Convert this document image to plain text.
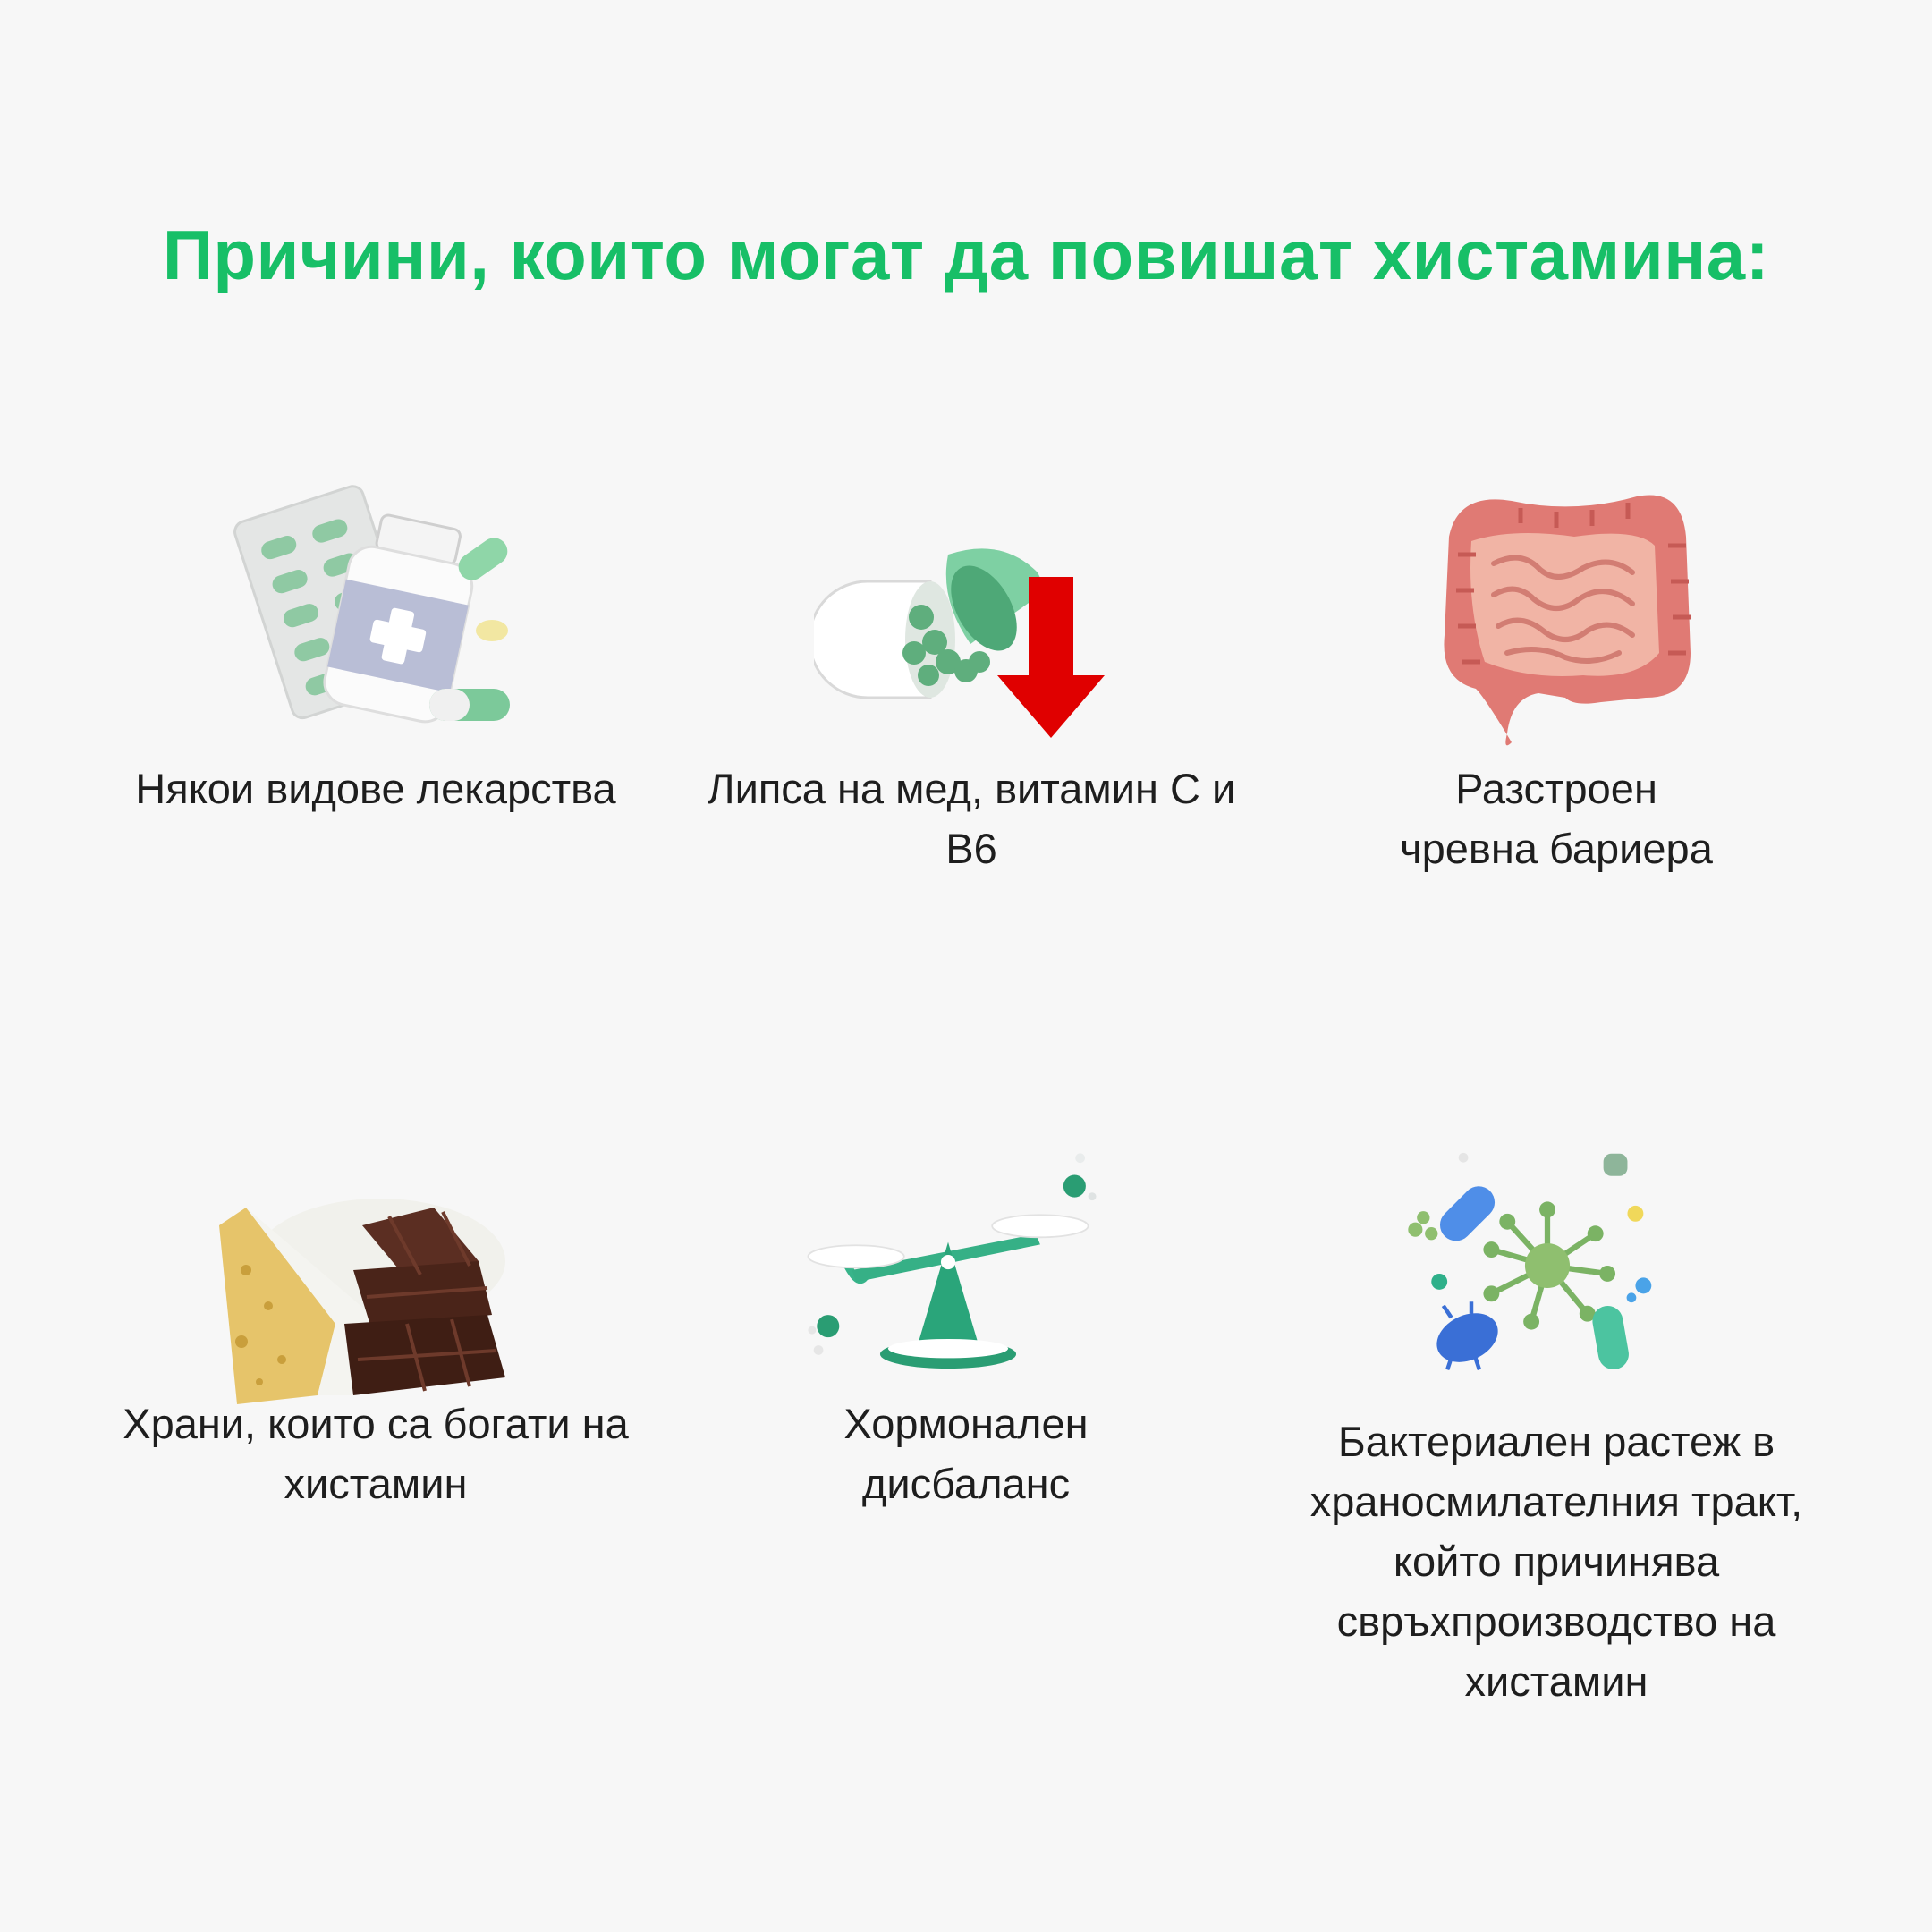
Причини, които могат да повишат хистамина:
Някои видове лекарства	Липса на мед, витамин C и
B6
Разстроен
чревна бариера
Храни, които са богати на
хистамин
Хормонален
дисбаланс
Бактериален растеж в
храносмилателния тракт,
който причинява
свръхпроизводство на
хистамин
